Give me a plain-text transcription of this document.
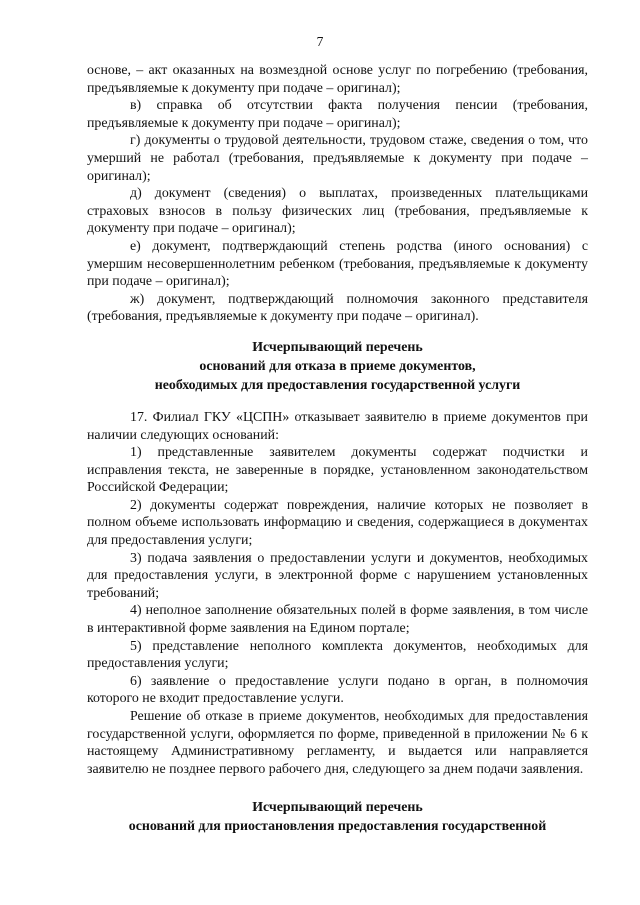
7

основе, – акт оказанных на возмездной основе услуг по погребению (требования, предъявляемые к документу при подаче – оригинал);

в) справка об отсутствии факта получения пенсии (требования, предъявляемые к документу при подаче – оригинал);

г) документы о трудовой деятельности, трудовом стаже, сведения о том, что умерший не работал (требования, предъявляемые к документу при подаче – оригинал);

д) документ (сведения) о выплатах, произведенных плательщиками страховых взносов в пользу физических лиц (требования, предъявляемые к документу при подаче – оригинал);

е) документ, подтверждающий степень родства (иного основания) с умершим несовершеннолетним ребенком (требования, предъявляемые к документу при подаче – оригинал);

ж) документ, подтверждающий полномочия законного представителя (требования, предъявляемые к документу при подаче – оригинал).

Исчерпывающий перечень

оснований для отказа в приеме документов,

необходимых для предоставления государственной услуги

17. Филиал ГКУ «ЦСПН» отказывает заявителю в приеме документов при наличии следующих оснований:

1) представленные заявителем документы содержат подчистки и исправления текста, не заверенные в порядке, установленном законодательством Российской Федерации;

2) документы содержат повреждения, наличие которых не позволяет в полном объеме использовать информацию и сведения, содержащиеся в документах для предоставления услуги;

3) подача заявления о предоставлении услуги и документов, необходимых для предоставления услуги, в электронной форме с нарушением установленных требований;

4) неполное заполнение обязательных полей в форме заявления, в том числе в интерактивной форме заявления на Едином портале;

5) представление неполного комплекта документов, необходимых для предоставления услуги;

6) заявление о предоставление услуги подано в орган, в полномочия которого не входит предоставление услуги.

Решение об отказе в приеме документов, необходимых для предоставления государственной услуги, оформляется по форме, приведенной в приложении № 6 к настоящему Административному регламенту, и выдается или направляется заявителю не позднее первого рабочего дня, следующего за днем подачи заявления.

Исчерпывающий перечень

оснований для приостановления предоставления государственной
